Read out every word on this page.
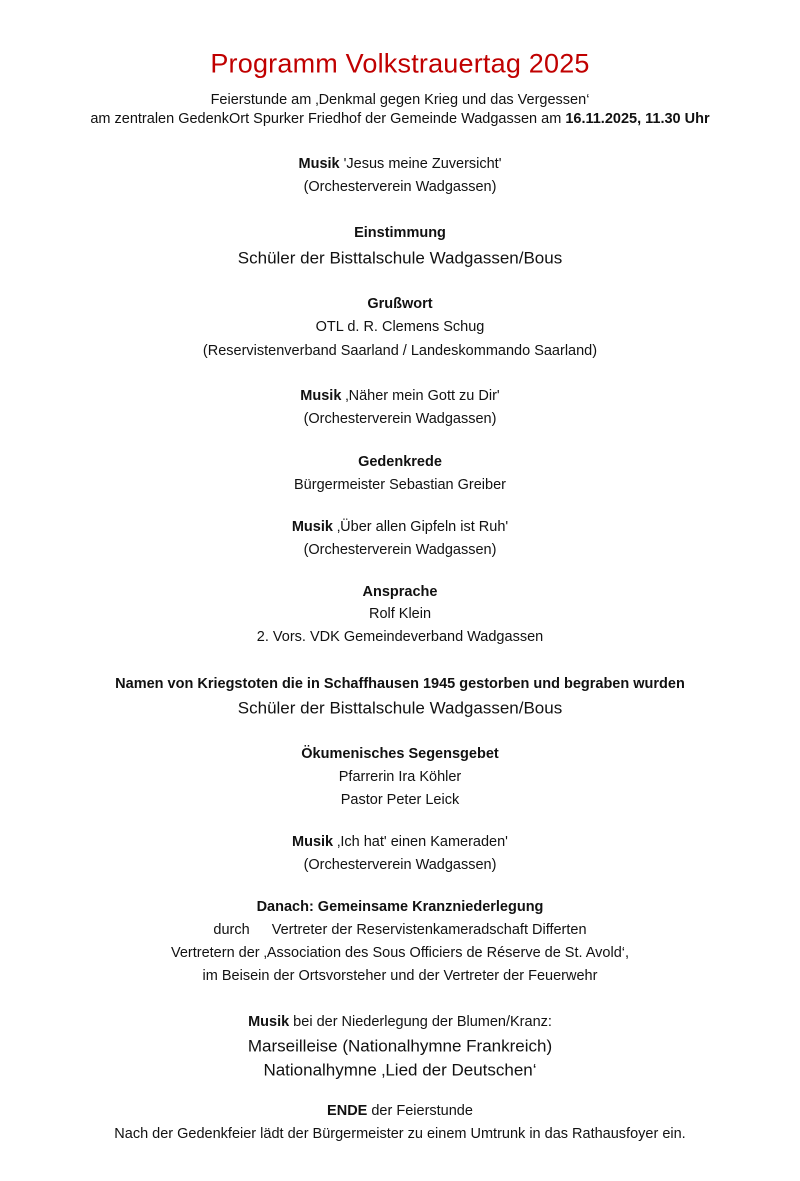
Programm Volkstrauertag 2025
Feierstunde am ‚Denkmal gegen Krieg und das Vergessen‘
am zentralen GedenkOrt Spurker Friedhof der Gemeinde Wadgassen am 16.11.2025, 11.30 Uhr
Musik 'Jesus meine Zuversicht'
(Orchesterverein Wadgassen)
Einstimmung
Schüler der Bisttalschule Wadgassen/Bous
Grußwort
OTL d. R. Clemens Schug
(Reservistenverband Saarland / Landeskommando Saarland)
Musik ‚Näher mein Gott zu Dir'
(Orchesterverein Wadgassen)
Gedenkrede
Bürgermeister Sebastian Greiber
Musik ‚Über allen Gipfeln ist Ruh'
(Orchesterverein Wadgassen)
Ansprache
Rolf Klein
2. Vors. VDK Gemeindeverband Wadgassen
Namen von Kriegstoten die in Schaffhausen 1945 gestorben und begraben wurden
Schüler der Bisttalschule Wadgassen/Bous
Ökumenisches Segensgebet
Pfarrerin Ira Köhler
Pastor Peter Leick
Musik ‚Ich hat' einen Kameraden'
(Orchesterverein Wadgassen)
Danach: Gemeinsame Kranzniederlegung
durch Vertreter der Reservistenkameradschaft Differten
Vertretern der ‚Association des Sous Officiers de Réserve de St. Avold‘,
im Beisein der Ortsvorsteher und der Vertreter der Feuerwehr
Musik bei der Niederlegung der Blumen/Kranz:
Marseilleise (Nationalhymne Frankreich)
Nationalhymne ‚Lied der Deutschen‘
ENDE der Feierstunde
Nach der Gedenkfeier lädt der Bürgermeister zu einem Umtrunk in das Rathausfoyer ein.
